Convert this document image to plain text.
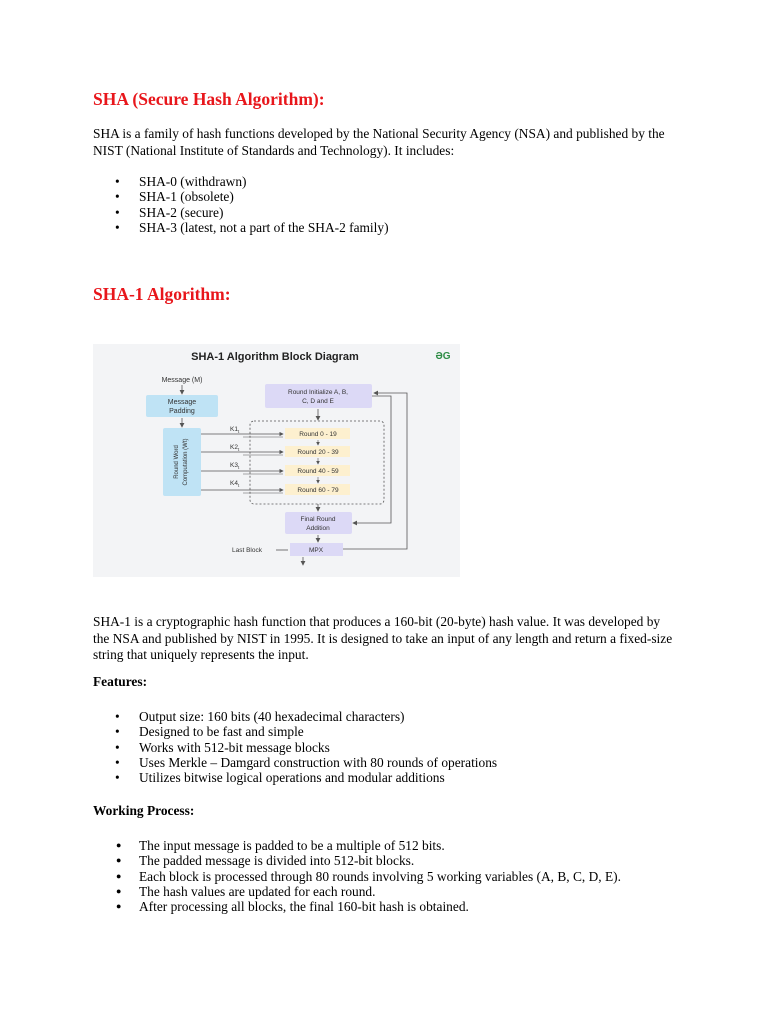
SHA (Secure Hash Algorithm):

SHA is a family of hash functions developed by the National Security Agency (NSA) and published by the NIST (National Institute of Standards and Technology). It includes:

• SHA-0 (withdrawn)
• SHA-1 (obsolete)
• SHA-2 (secure)
• SHA-3 (latest, not a part of the SHA-2 family)
SHA-1 Algorithm:
SHA-1 Algorithm Block Diagram	ƏG
Message (M)
Message
Padding
Round Word Computation (Wt)
$K1_t$
$K2_t$
$K3_t$
$K4_t$
Round Initialize A, B,
C, D and E
Round 0 - 19
Round 20 - 39
Round 40 - 59
Round 60 - 79
Final Round
Addition
Last Block	MPX

SHA-1 is a cryptographic hash function that produces a 160-bit (20-byte) hash value. It was developed by the NSA and published by NIST in 1995. It is designed to take an input of any length and return a fixed-size string that uniquely represents the input.

Features:
• Output size: 160 bits (40 hexadecimal characters)
• Designed to be fast and simple
• Works with 512-bit message blocks
• Uses Merkle – Damgard construction with 80 rounds of operations
• Utilizes bitwise logical operations and modular additions
Working Process:
● The input message is padded to be a multiple of 512 bits.
● The padded message is divided into 512-bit blocks.
● Each block is processed through 80 rounds involving 5 working variables (A, B, C, D, E).
● The hash values are updated for each round.
● After processing all blocks, the final 160-bit hash is obtained.
